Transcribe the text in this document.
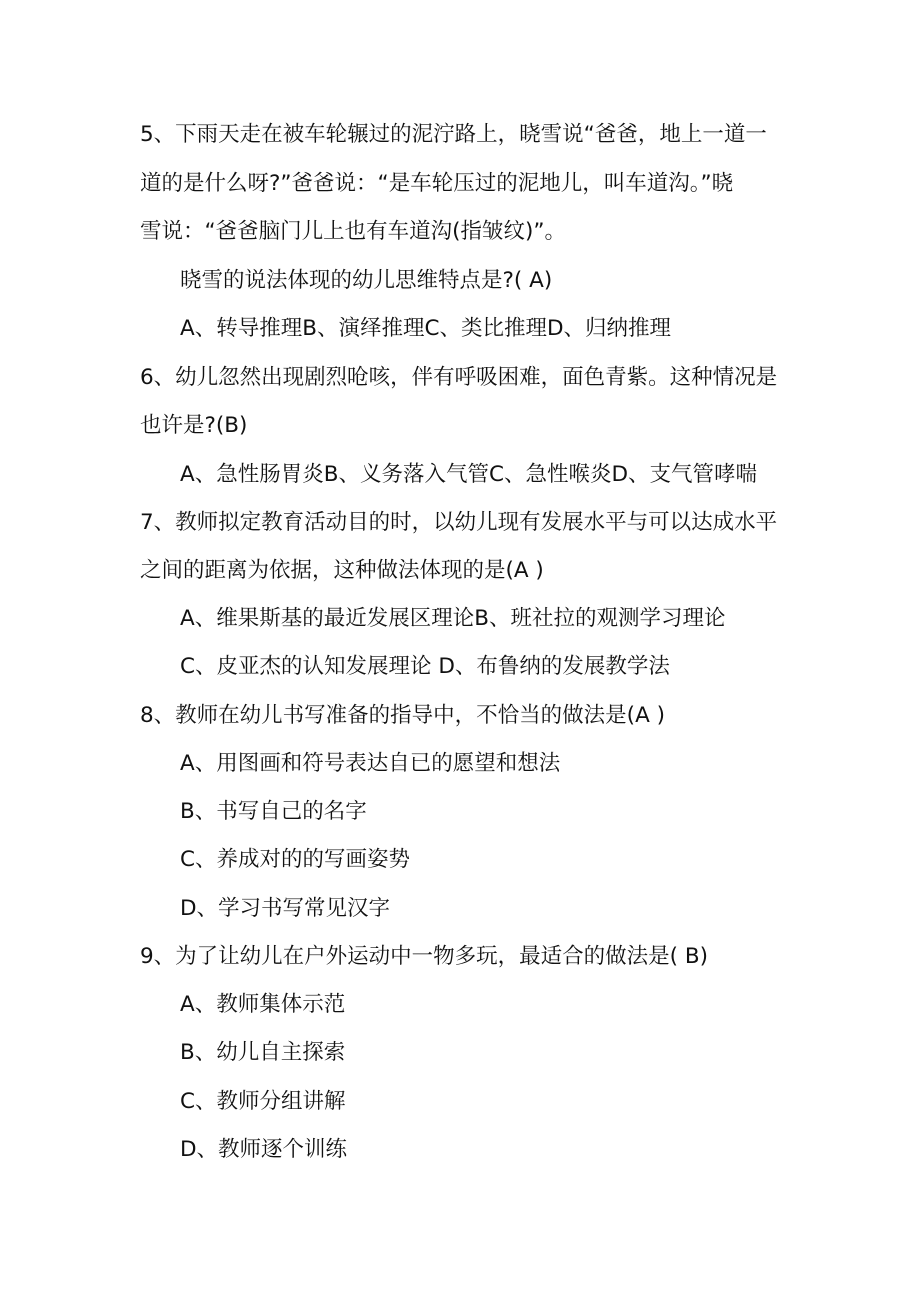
5、下雨天走在被车轮辗过的泥泞路上，晓雪说“爸爸，地上一道一
道的是什么呀?”爸爸说：“是车轮压过的泥地儿，叫车道沟。”晓
雪说：“爸爸脑门儿上也有车道沟(指皱纹)”。
晓雪的说法体现的幼儿思维特点是?( A)
A、转导推理B、演绎推理C、类比推理D、归纳推理
6、幼儿忽然出现剧烈呛咳，伴有呼吸困难，面色青紫。这种情况是
也许是?(B)
A、急性肠胃炎B、义务落入气管C、急性喉炎D、支气管哮喘
7、教师拟定教育活动目的时，以幼儿现有发展水平与可以达成水平
之间的距离为依据，这种做法体现的是(A )
A、维果斯基的最近发展区理论B、班社拉的观测学习理论
C、皮亚杰的认知发展理论 D、布鲁纳的发展教学法
8、教师在幼儿书写准备的指导中，不恰当的做法是(A )
A、用图画和符号表达自已的愿望和想法
B、书写自己的名字
C、养成对的的写画姿势
D、学习书写常见汉字
9、为了让幼儿在户外运动中一物多玩，最适合的做法是( B)
A、教师集体示范
B、幼儿自主探索
C、教师分组讲解
D、教师逐个训练
